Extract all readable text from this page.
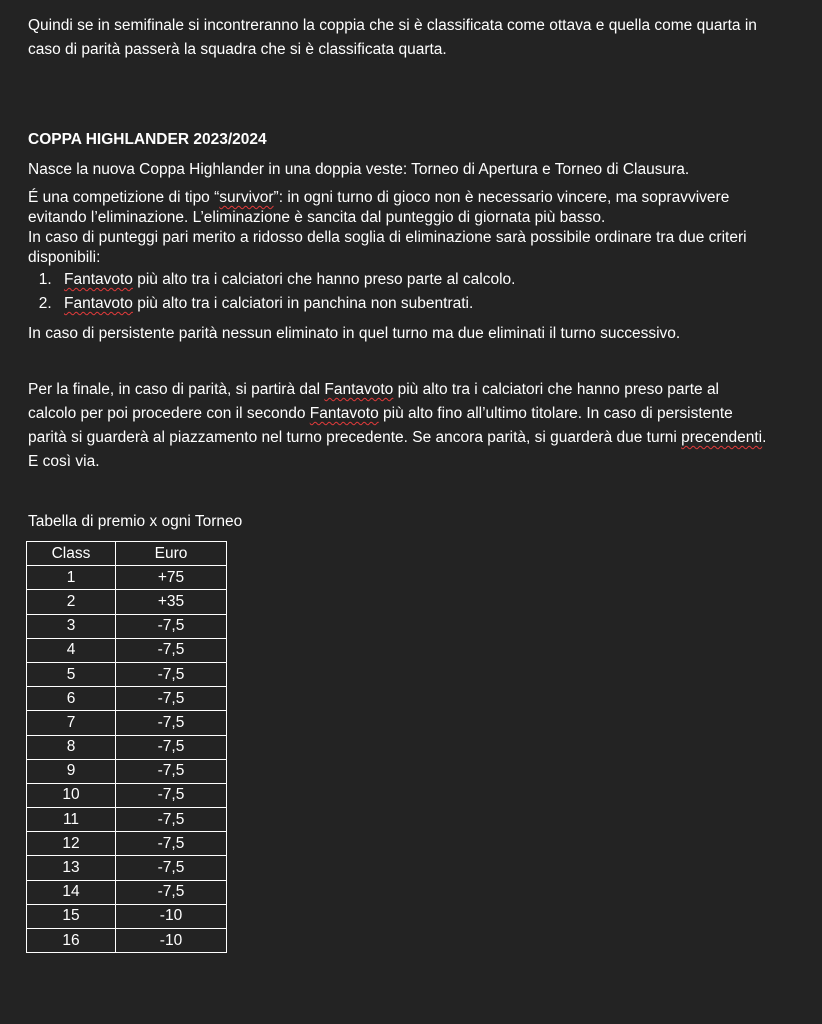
Quindi se in semifinale si incontreranno la coppia che si è classificata come ottava e quella come quarta in
caso di parità passerà la squadra che si è classificata quarta.

COPPA HIGHLANDER 2023/2024

Nasce la nuova Coppa Highlander in una doppia veste: Torneo di Apertura e Torneo di Clausura.

É una competizione di tipo “survivor”: in ogni turno di gioco non è necessario vincere, ma sopravvivere
evitando l’eliminazione. L’eliminazione è sancita dal punteggio di giornata più basso.
In caso di punteggi pari merito a ridosso della soglia di eliminazione sarà possibile ordinare tra due criteri
disponibili:

1. Fantavoto più alto tra i calciatori che hanno preso parte al calcolo.
2. Fantavoto più alto tra i calciatori in panchina non subentrati.

In caso di persistente parità nessun eliminato in quel turno ma due eliminati il turno successivo.

Per la finale, in caso di parità, si partirà dal Fantavoto più alto tra i calciatori che hanno preso parte al
calcolo per poi procedere con il secondo Fantavoto più alto fino all’ultimo titolare. In caso di persistente
parità si guarderà al piazzamento nel turno precedente. Se ancora parità, si guarderà due turni precendenti.
E così via.

Tabella di premio x ogni Torneo

Class	Euro
1	+75
2	+35
3	-7,5
4	-7,5
5	-7,5
6	-7,5
7	-7,5
8	-7,5
9	-7,5
10	-7,5
11	-7,5
12	-7,5
13	-7,5
14	-7,5
15	-10
16	-10
